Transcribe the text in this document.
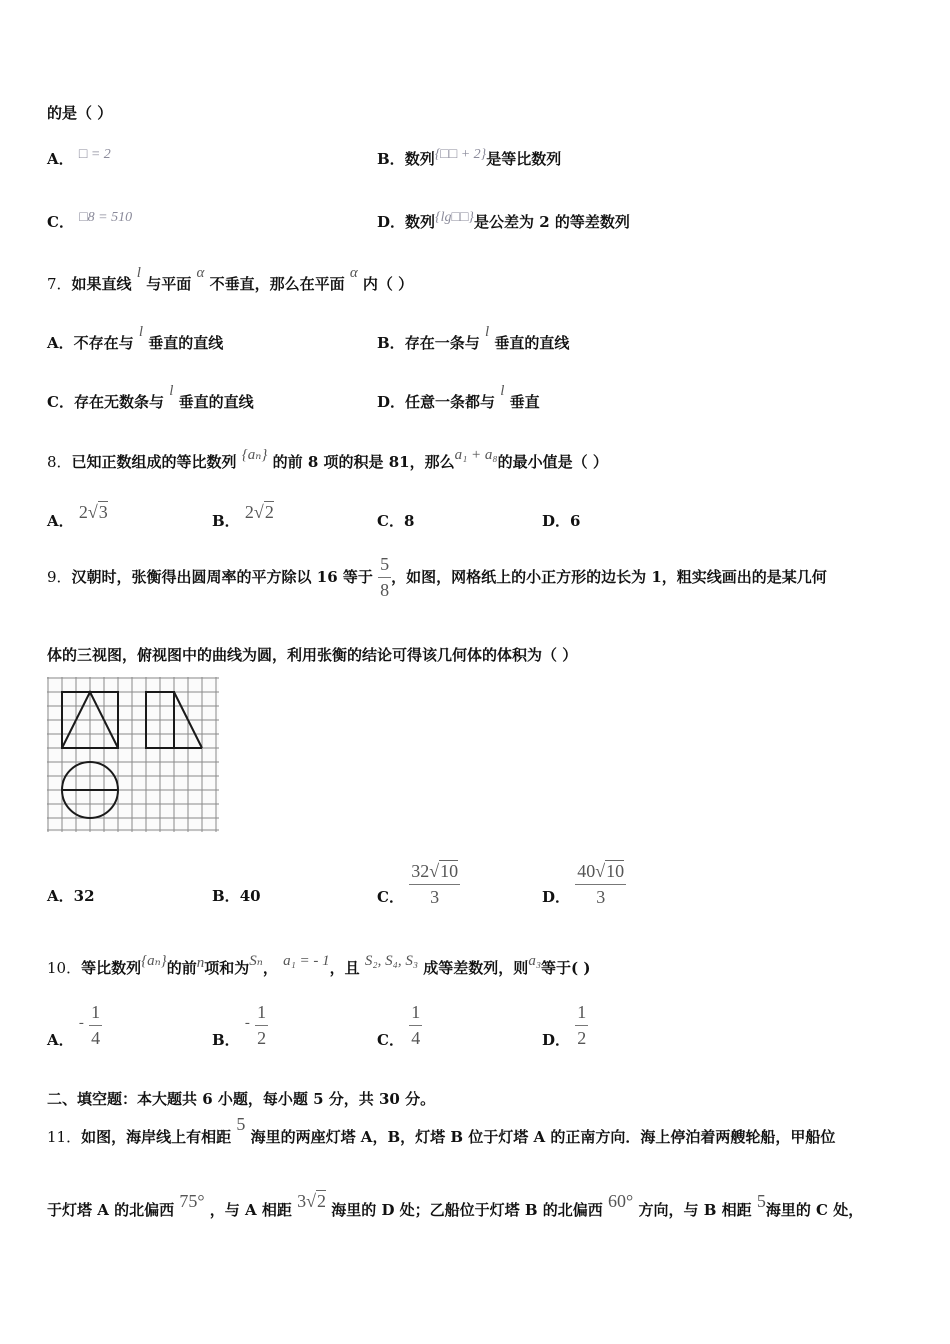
的是（ ）
A． □ = 2	B．数列{□□ + 2}是等比数列
C． □8 = 510	D．数列{lg□□}是公差为 2 的等差数列
7．如果直线 l 与平面 α 不垂直，那么在平面 α 内（ ）
A．不存在与 l 垂直的直线	B．存在一条与 l 垂直的直线
C．存在无数条与 l 垂直的直线	D．任意一条都与 l 垂直
8．已知正数组成的等比数列 {aₙ} 的前 8 项的积是 81，那么a₁ + a₈的最小值是（ ）
A． 2√3	B． 2√2	C．8	D．6
9．汉朝时，张衡得出圆周率的平方除以 16 等于 $\frac{5}{8}$ ，如图，网格纸上的小正方形的边长为 1，粗实线画出的是某几何
体的三视图，俯视图中的曲线为圆，利用张衡的结论可得该几何体的体积为（ ）
A．32	B．40	C． $\frac{32√10}{3}$	D． $\frac{40√10}{3}$
10．等比数列{aₙ}的前n项和为Sₙ， a₁ = - 1，且 S₂, S₄, S₃ 成等差数列，则a₃等于( )
A． - $\frac{1}{4}$	B． - $\frac{1}{2}$	C． $\frac{1}{4}$	D． $\frac{1}{2}$
二、填空题：本大题共 6 小题，每小题 5 分，共 30 分。
11．如图，海岸线上有相距 5 海里的两座灯塔 A，B，灯塔 B 位于灯塔 A 的正南方向．海上停泊着两艘轮船，甲船位
于灯塔 A 的北偏西 75° ，与 A 相距 3√2 海里的 D 处；乙船位于灯塔 B 的北偏西 60° 方向，与 B 相距 5海里的 C 处，
